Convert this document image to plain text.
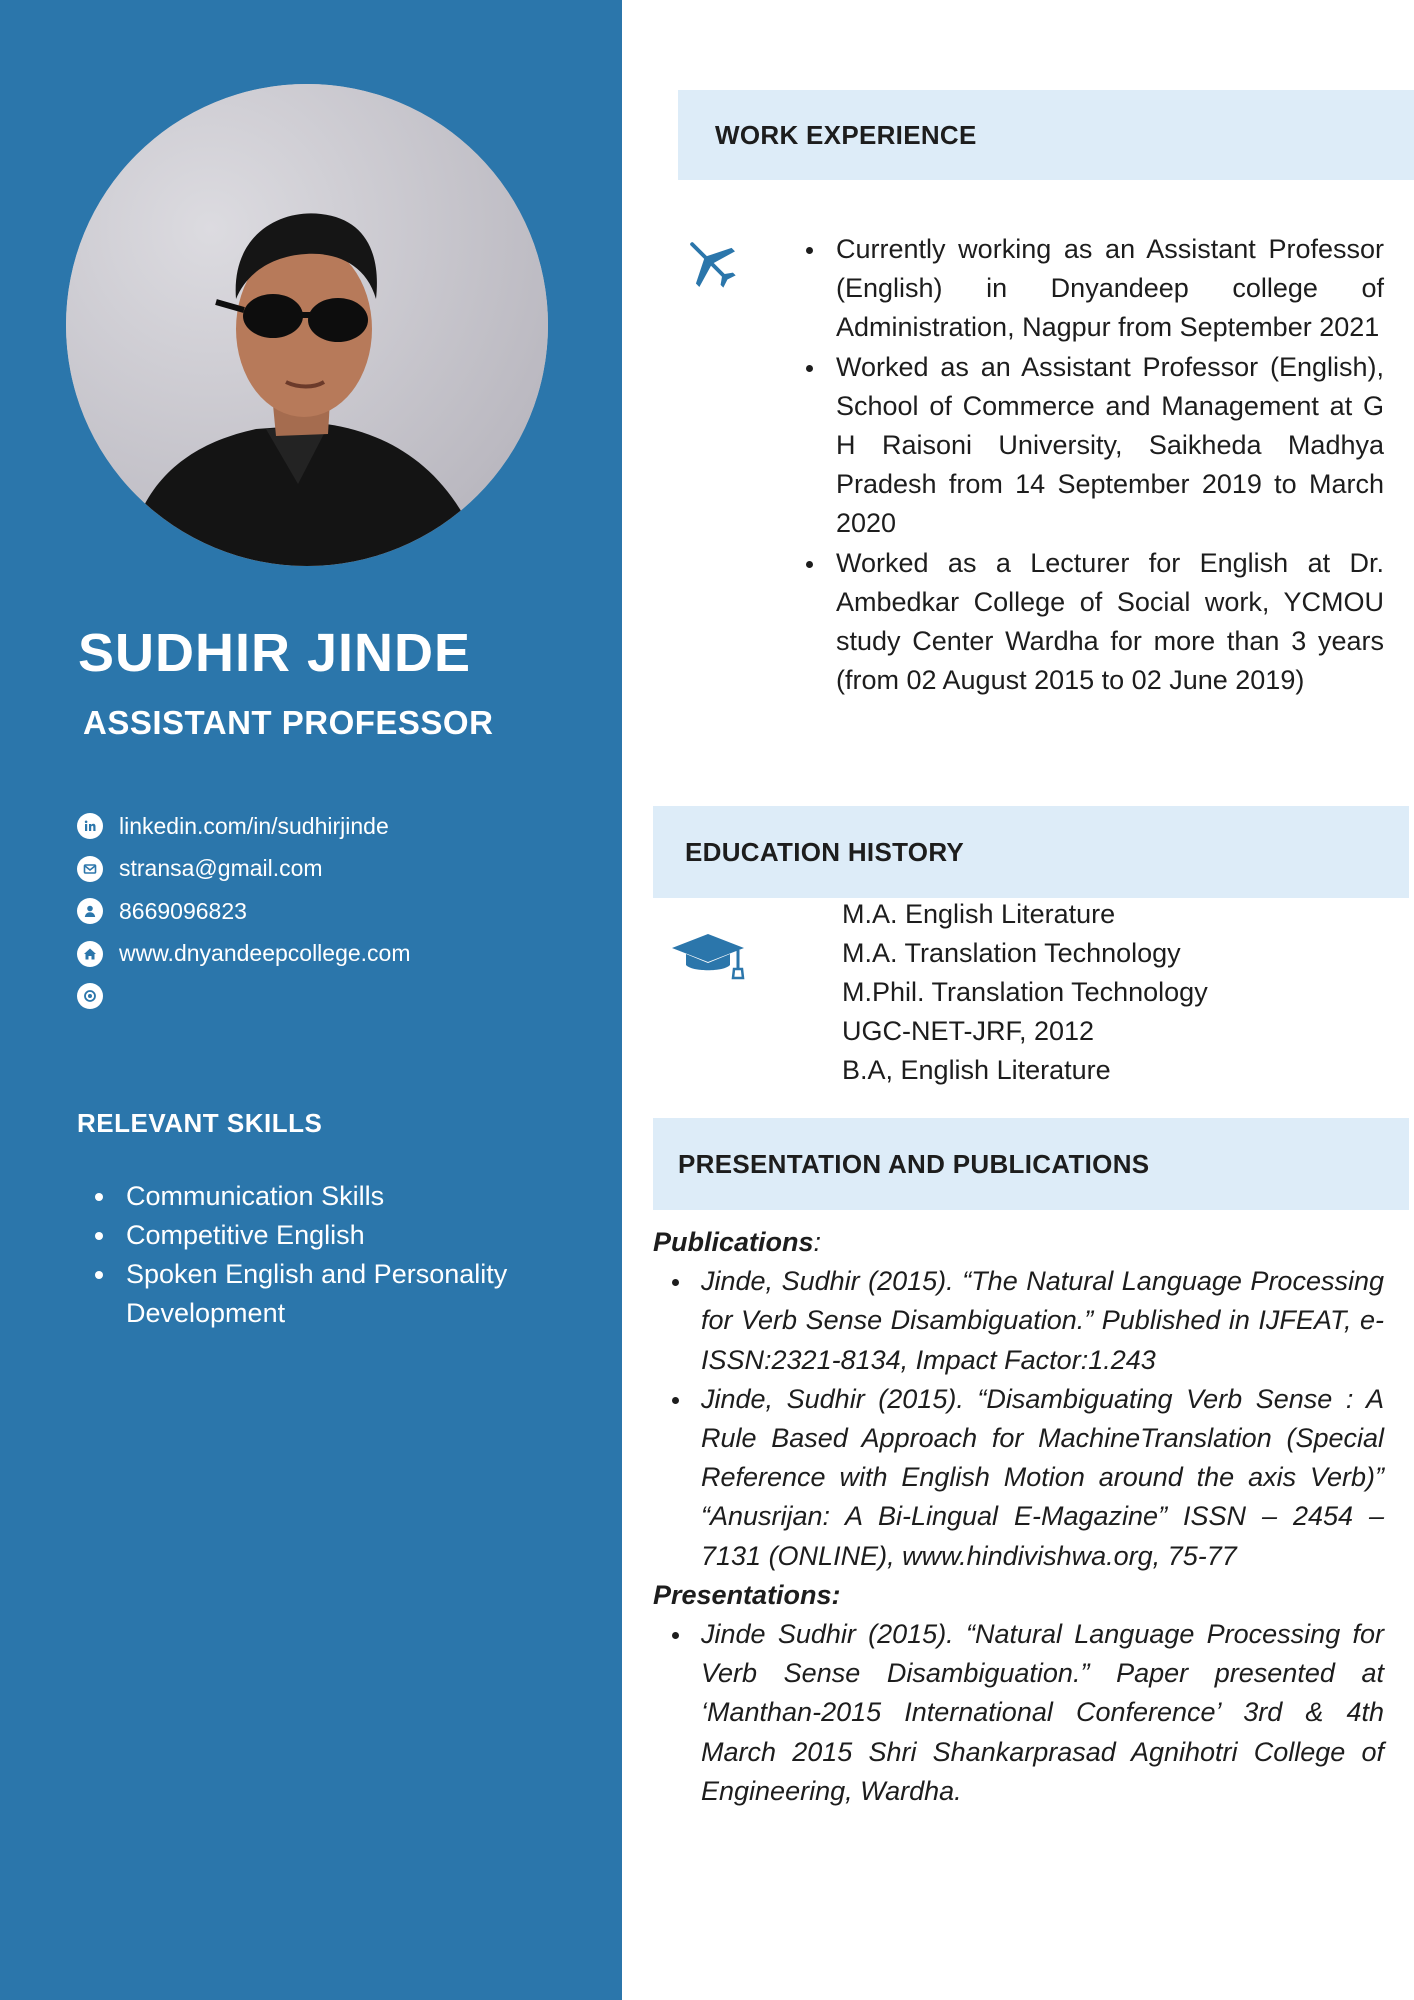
SUDHIR JINDE
ASSISTANT PROFESSOR
linkedin.com/in/sudhirjinde
stransa@gmail.com
8669096823
www.dnyandeepcollege.com
RELEVANT SKILLS
Communication Skills
Competitive English
Spoken English and Personality Development
WORK EXPERIENCE
Currently working as an Assistant Professor (English) in Dnyandeep college of Administration, Nagpur from September 2021
Worked as an Assistant Professor (English), School of Commerce and Management at G H Raisoni University, Saikheda Madhya Pradesh from 14 September 2019 to March 2020
Worked as a Lecturer for English at Dr. Ambedkar College of Social work, YCMOU study Center Wardha for more than 3 years (from 02 August 2015 to 02 June 2019)
EDUCATION HISTORY
M.A. English Literature
M.A. Translation Technology
M.Phil. Translation Technology
UGC-NET-JRF, 2012
B.A, English Literature
PRESENTATION AND PUBLICATIONS
Publications:
Jinde, Sudhir (2015). “The Natural Language Processing for Verb Sense Disambiguation.” Published in IJFEAT, e-ISSN:2321-8134, Impact Factor:1.243
Jinde, Sudhir (2015). “Disambiguating Verb Sense : A Rule Based Approach for MachineTranslation (Special Reference with English Motion around the axis Verb)” “Anusrijan: A Bi-Lingual E-Magazine” ISSN – 2454 – 7131 (ONLINE), www.hindivishwa.org, 75-77
Presentations:
Jinde Sudhir (2015). “Natural Language Processing for Verb Sense Disambiguation.” Paper presented at ‘Manthan-2015 International Conference’ 3rd & 4th March 2015 Shri Shankarprasad Agnihotri College of Engineering, Wardha.
